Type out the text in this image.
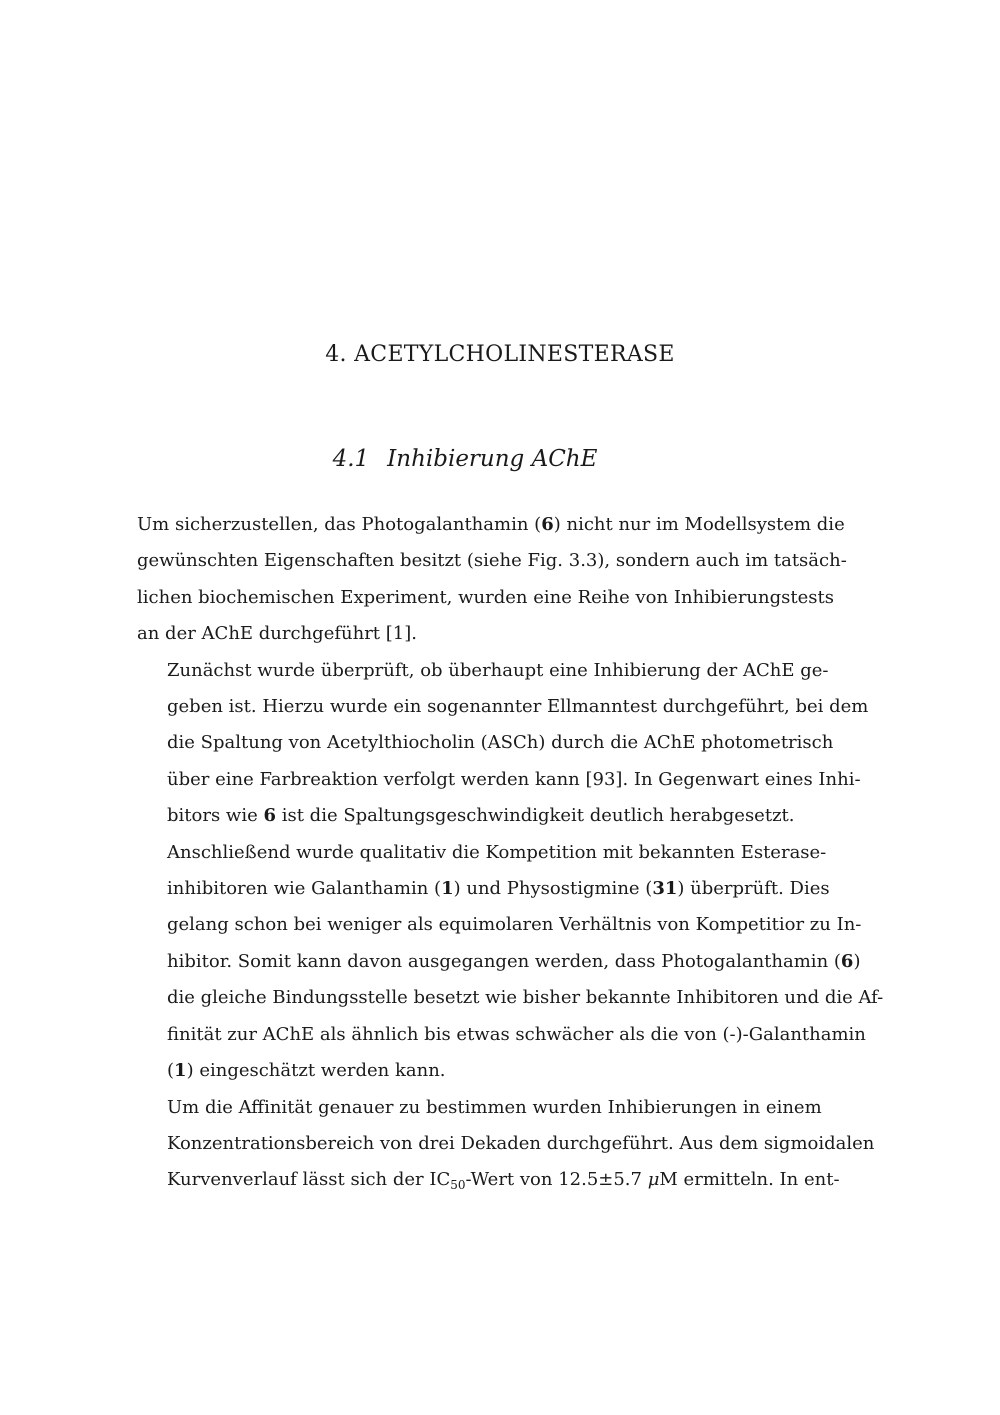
4. ACETYLCHOLINESTERASE
4.1 Inhibierung AChE

Um sicherzustellen, das Photogalanthamin (6) nicht nur im Modellsystem die
gewünschten Eigenschaften besitzt (siehe Fig. 3.3), sondern auch im tatsäch-
lichen biochemischen Experiment, wurden eine Reihe von Inhibierungstests
an der AChE durchgeführt [1].

Zunächst wurde überprüft, ob überhaupt eine Inhibierung der AChE ge-
geben ist. Hierzu wurde ein sogenannter Ellmanntest durchgeführt, bei dem
die Spaltung von Acetylthiocholin (ASCh) durch die AChE photometrisch
über eine Farbreaktion verfolgt werden kann [93]. In Gegenwart eines Inhi-
bitors wie 6 ist die Spaltungsgeschwindigkeit deutlich herabgesetzt.

Anschließend wurde qualitativ die Kompetition mit bekannten Esterase-
inhibitoren wie Galanthamin (1) und Physostigmine (31) überprüft. Dies
gelang schon bei weniger als equimolaren Verhältnis von Kompetitior zu In-
hibitor. Somit kann davon ausgegangen werden, dass Photogalanthamin (6)
die gleiche Bindungsstelle besetzt wie bisher bekannte Inhibitoren und die Af-
finität zur AChE als ähnlich bis etwas schwächer als die von (-)-Galanthamin
(1) eingeschätzt werden kann.

Um die Affinität genauer zu bestimmen wurden Inhibierungen in einem
Konzentrationsbereich von drei Dekaden durchgeführt. Aus dem sigmoidalen
Kurvenverlauf lässt sich der $IC_{50}$-Wert von 12.5±5.7 μM ermitteln. In ent-
